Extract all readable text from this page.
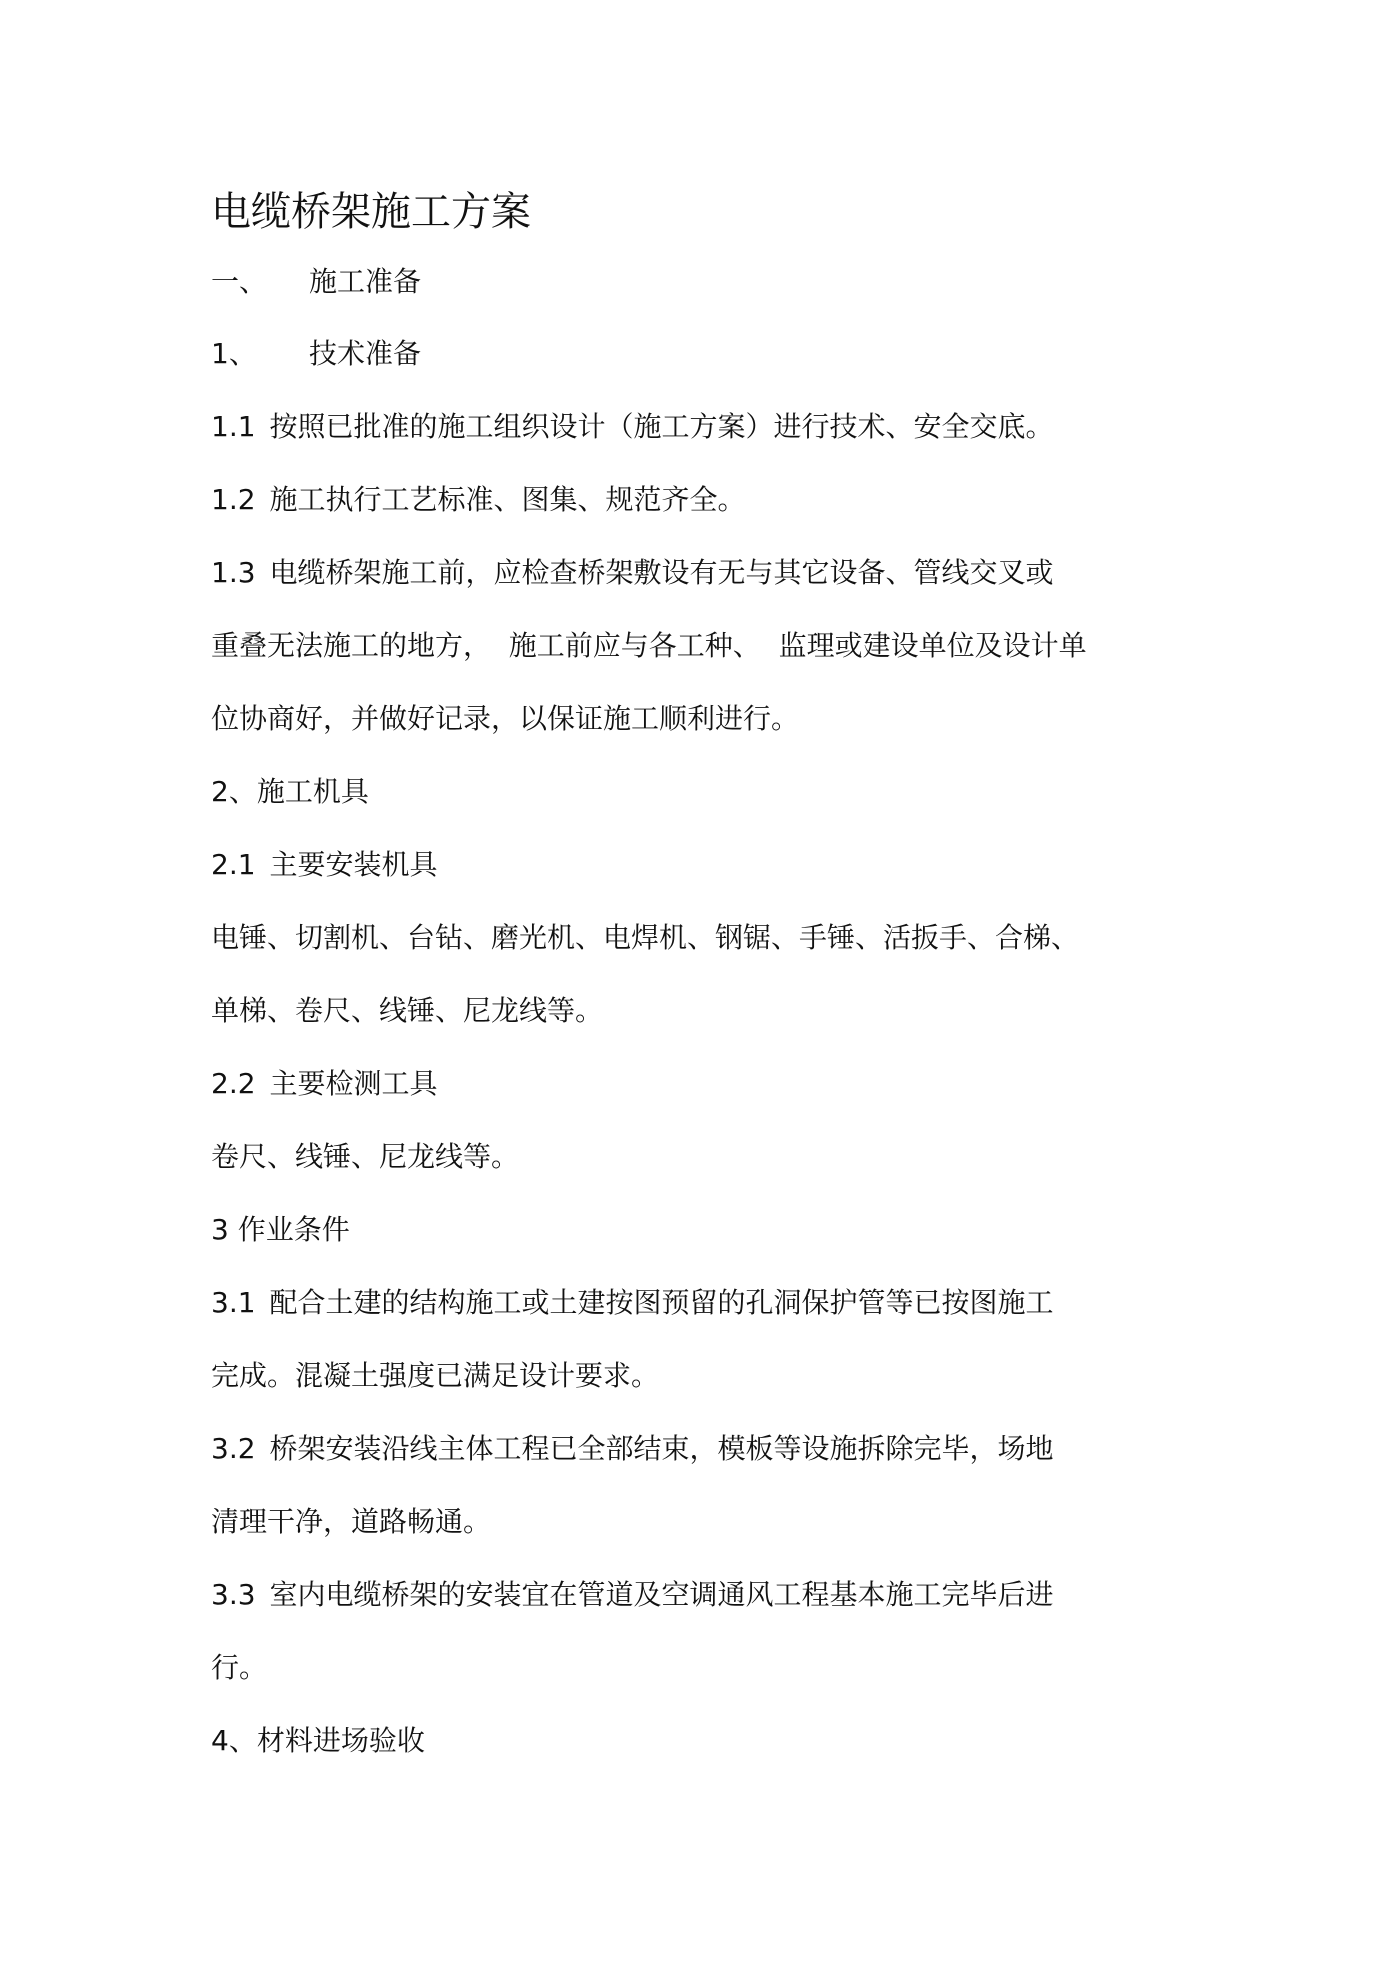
电缆桥架施工方案

一、 施工准备

1、 技术准备

1.1 按照已批准的施工组织设计（施工方案）进行技术、安全交底。

1.2 施工执行工艺标准、图集、规范齐全。

1.3 电缆桥架施工前，应检查桥架敷设有无与其它设备、管线交叉或

重叠无法施工的地方，  施工前应与各工种、  监理或建设单位及设计单

位协商好，并做好记录，以保证施工顺利进行。

2、施工机具

2.1 主要安装机具

电锤、切割机、台钻、磨光机、电焊机、钢锯、手锤、活扳手、合梯、

单梯、卷尺、线锤、尼龙线等。

2.2 主要检测工具

卷尺、线锤、尼龙线等。

3 作业条件

3.1 配合土建的结构施工或土建按图预留的孔洞保护管等已按图施工

完成。混凝土强度已满足设计要求。

3.2 桥架安装沿线主体工程已全部结束，模板等设施拆除完毕，场地

清理干净，道路畅通。

3.3 室内电缆桥架的安装宜在管道及空调通风工程基本施工完毕后进

行。

4、材料进场验收
